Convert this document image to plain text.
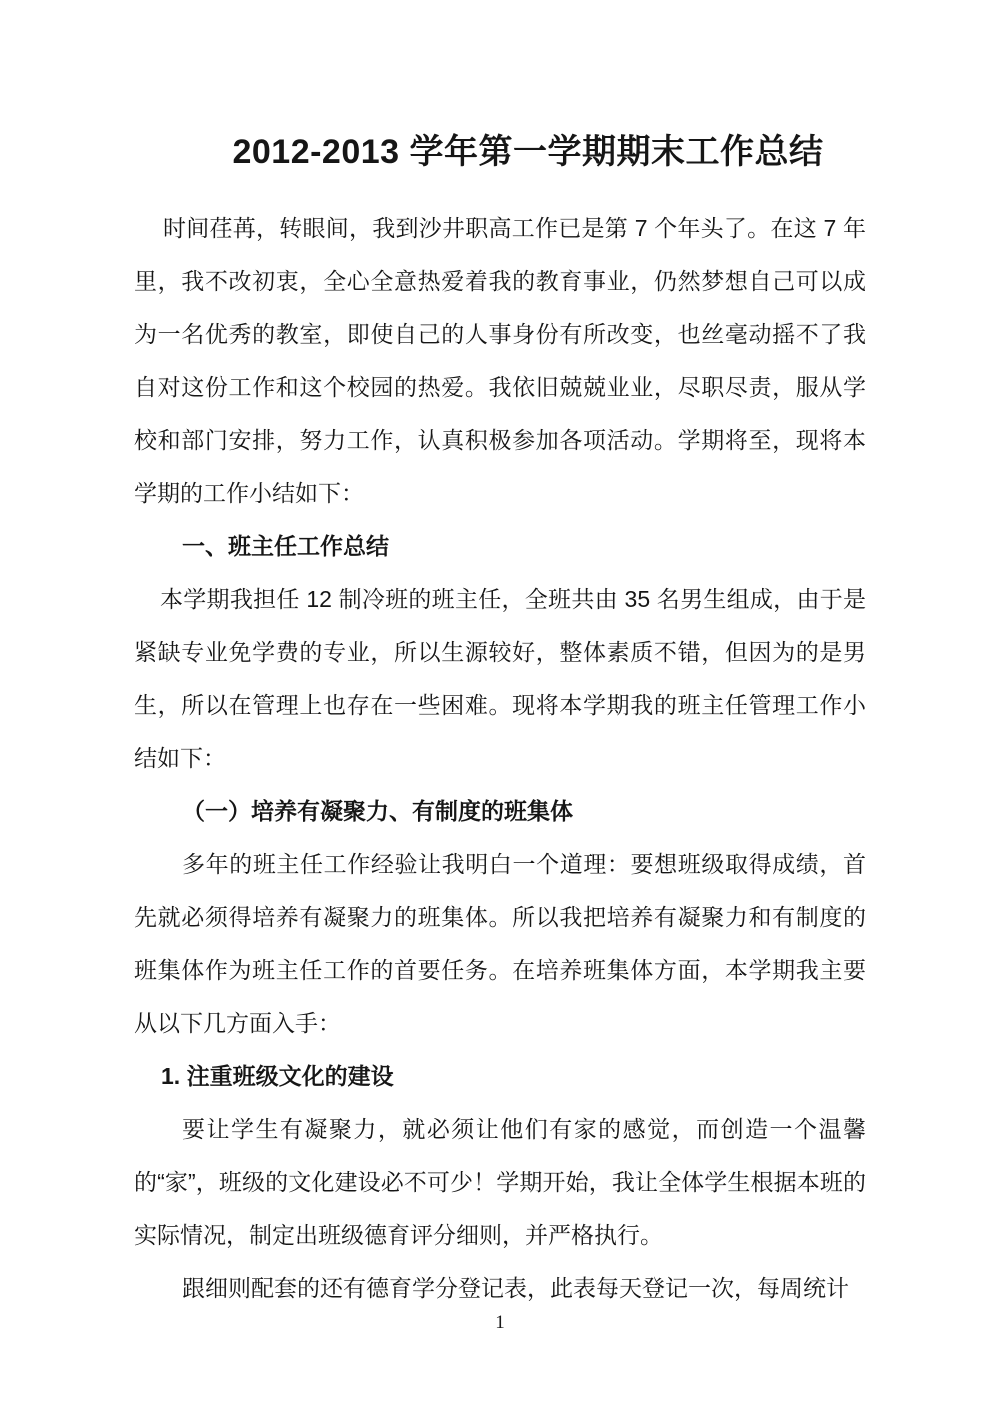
2012-2013 学年第一学期期末工作总结

时间荏苒，转眼间，我到沙井职高工作已是第 7 个年头了。在这 7 年里，我不改初衷，全心全意热爱着我的教育事业，仍然梦想自己可以成为一名优秀的教室，即使自己的人事身份有所改变，也丝毫动摇不了我自对这份工作和这个校园的热爱。我依旧兢兢业业，尽职尽责，服从学校和部门安排，努力工作，认真积极参加各项活动。学期将至，现将本学期的工作小结如下：

一、班主任工作总结

本学期我担任 12 制冷班的班主任，全班共由 35 名男生组成，由于是紧缺专业免学费的专业，所以生源较好，整体素质不错，但因为的是男生，所以在管理上也存在一些困难。现将本学期我的班主任管理工作小结如下：

（一）培养有凝聚力、有制度的班集体

多年的班主任工作经验让我明白一个道理：要想班级取得成绩，首先就必须得培养有凝聚力的班集体。所以我把培养有凝聚力和有制度的班集体作为班主任工作的首要任务。在培养班集体方面，本学期我主要从以下几方面入手：

1. 注重班级文化的建设

要让学生有凝聚力，就必须让他们有家的感觉，而创造一个温馨的“家”，班级的文化建设必不可少！学期开始，我让全体学生根据本班的实际情况，制定出班级德育评分细则，并严格执行。

跟细则配套的还有德育学分登记表，此表每天登记一次，每周统计

1
